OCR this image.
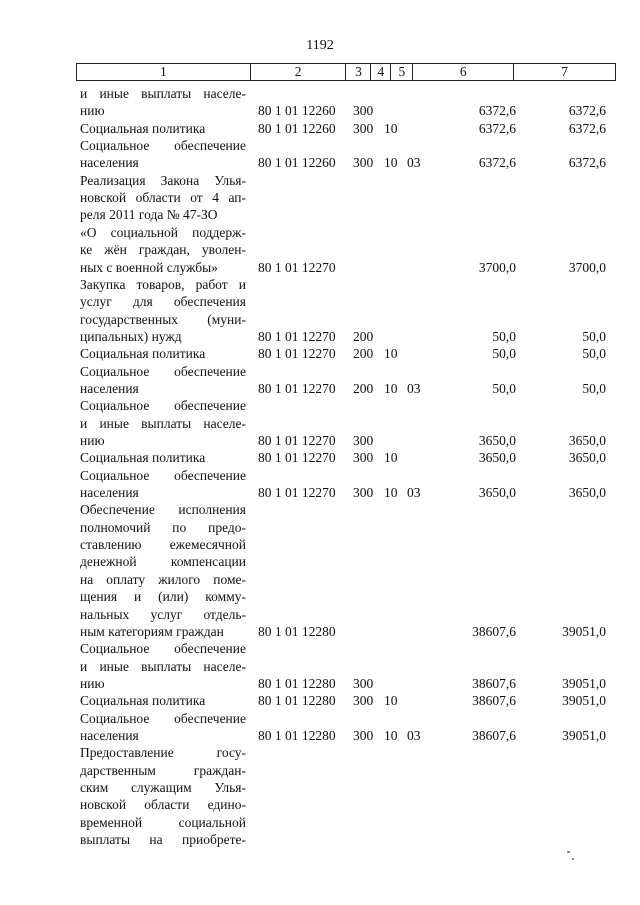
1192
1	2	3	4	5	6	7
и иные выплаты населе-
нию	80 1 01 12260 300	6372,6	6372,6
Социальная политика	80 1 01 12260 300 10	6372,6	6372,6
Социальное обеспечение
населения	80 1 01 12260 300 10 03	6372,6	6372,6
Реализация Закона Улья-
новской области от 4 ап-
реля 2011 года № 47-ЗО
«О социальной поддерж-
ке жён граждан, уволен-
ных с военной службы»	80 1 01 12270	3700,0	3700,0
Закупка товаров, работ и
услуг для обеспечения
государственных (муни-
ципальных) нужд	80 1 01 12270 200	50,0	50,0
Социальная политика	80 1 01 12270 200 10	50,0	50,0
Социальное обеспечение
населения	80 1 01 12270 200 10 03	50,0	50,0
Социальное обеспечение
и иные выплаты населе-
нию	80 1 01 12270 300	3650,0	3650,0
Социальная политика	80 1 01 12270 300 10	3650,0	3650,0
Социальное обеспечение
населения	80 1 01 12270 300 10 03	3650,0	3650,0
Обеспечение исполнения
полномочий по предо-
ставлению ежемесячной
денежной компенсации
на оплату жилого поме-
щения и (или) комму-
нальных услуг отдель-
ным категориям граждан	80 1 01 12280	38607,6	39051,0
Социальное обеспечение
и иные выплаты населе-
нию	80 1 01 12280 300	38607,6	39051,0
Социальная политика	80 1 01 12280 300 10	38607,6	39051,0
Социальное обеспечение
населения	80 1 01 12280 300 10 03	38607,6	39051,0
Предоставление госу-
дарственным граждан-
ским служащим Улья-
новской области едино-
временной социальной
выплаты на приобрете-
